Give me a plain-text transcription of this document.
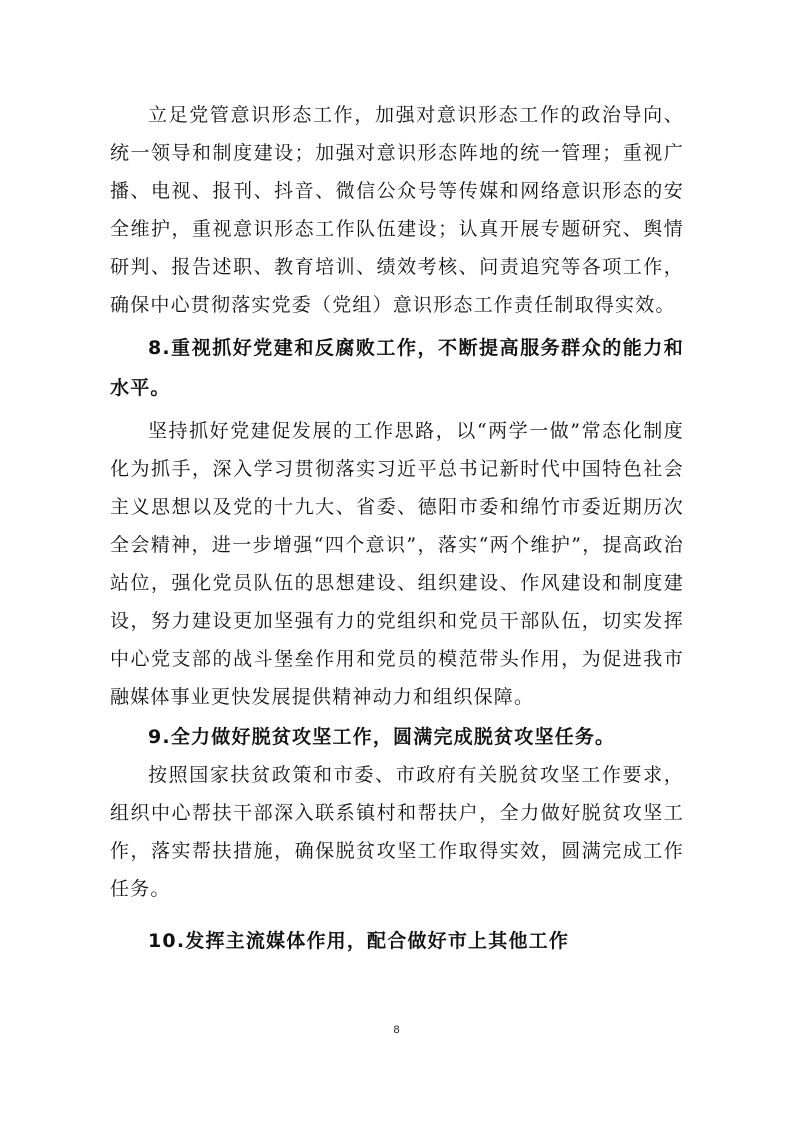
立足党管意识形态工作，加强对意识形态工作的政治导向、统一领导和制度建设；加强对意识形态阵地的统一管理；重视广播、电视、报刊、抖音、微信公众号等传媒和网络意识形态的安全维护，重视意识形态工作队伍建设；认真开展专题研究、舆情研判、报告述职、教育培训、绩效考核、问责追究等各项工作，确保中心贯彻落实党委（党组）意识形态工作责任制取得实效。

8.重视抓好党建和反腐败工作，不断提高服务群众的能力和水平。

坚持抓好党建促发展的工作思路，以“两学一做”常态化制度化为抓手，深入学习贯彻落实习近平总书记新时代中国特色社会主义思想以及党的十九大、省委、德阳市委和绵竹市委近期历次全会精神，进一步增强“四个意识”，落实“两个维护”，提高政治站位，强化党员队伍的思想建设、组织建设、作风建设和制度建设，努力建设更加坚强有力的党组织和党员干部队伍，切实发挥中心党支部的战斗堡垒作用和党员的模范带头作用，为促进我市融媒体事业更快发展提供精神动力和组织保障。

9.全力做好脱贫攻坚工作，圆满完成脱贫攻坚任务。

按照国家扶贫政策和市委、市政府有关脱贫攻坚工作要求，组织中心帮扶干部深入联系镇村和帮扶户，全力做好脱贫攻坚工作，落实帮扶措施，确保脱贫攻坚工作取得实效，圆满完成工作任务。

10.发挥主流媒体作用，配合做好市上其他工作

8
